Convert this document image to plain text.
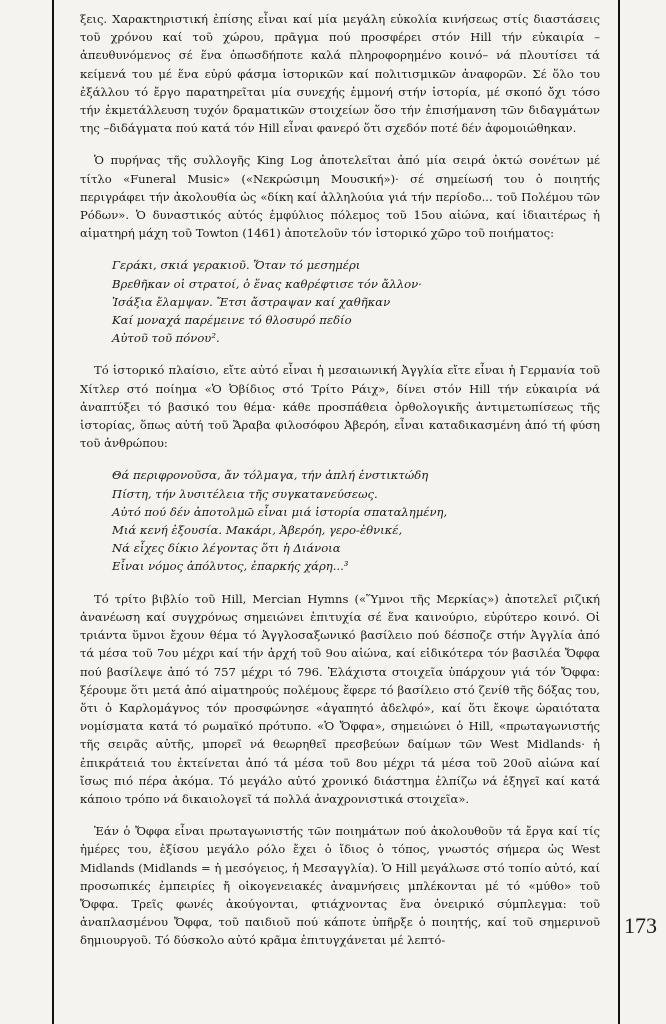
ξεις. Χαρακτηριστική ἐπίσης εἶναι καί μία μεγάλη εὐκολία κινήσεως στίς διαστάσεις τοῦ χρόνου καί τοῦ χώρου, πρᾶγμα πού προσφέρει στόν Hill τήν εὐκαιρία –ἀπευθυνόμενος σέ ἕνα ὁπωσδήποτε καλά πληροφορημένο κοινό– νά πλουτίσει τά κείμενά του μέ ἕνα εὐρύ φάσμα ἱστορικῶν καί πολιτισμικῶν ἀναφορῶν. Σέ ὅλο του ἐξάλλου τό ἔργο παρατηρεῖται μία συνεχής ἐμμονή στήν ἱστορία, μέ σκοπό ὄχι τόσο τήν ἐκμετάλλευση τυχόν δραματικῶν στοιχείων ὅσο τήν ἐπισήμανση τῶν διδαγμάτων της –διδάγματα πού κατά τόν Hill εἶναι φανερό ὅτι σχεδόν ποτέ δέν ἀφομοιώθηκαν.

Ὁ πυρήνας τῆς συλλογῆς King Log ἀποτελεῖται ἀπό μία σειρά ὀκτώ σονέτων μέ τίτλο «Funeral Music» («Νεκρώσιμη Μουσική»)· σέ σημείωσή του ὁ ποιητής περιγράφει τήν ἀκολουθία ὡς «δίκη καί ἀλληλούια γιά τήν περίοδο... τοῦ Πολέμου τῶν Ρόδων». Ὁ δυναστικός αὐτός ἐμφύλιος πόλεμος τοῦ 15ου αἰώνα, καί ἰδιαιτέρως ἡ αἱματηρή μάχη τοῦ Towton (1461) ἀποτελοῦν τόν ἱστορικό χῶρο τοῦ ποιήματος:

Γεράκι, σκιά γερακιοῦ. Ὅταν τό μεσημέρι
Βρεθῆκαν οἱ στρατοί, ὁ ἕνας καθρέφτισε τόν ἄλλον·
Ἰσάξια ἔλαμψαν. Ἔτσι ἄστραψαν καί χαθῆκαν
Καί μοναχά παρέμεινε τό θλοσυρό πεδίο
Αὐτοῦ τοῦ πόνου².

Τό ἱστορικό πλαίσιο, εἴτε αὐτό εἶναι ἡ μεσαιωνική Ἀγγλία εἴτε εἶναι ἡ Γερμανία τοῦ Χίτλερ στό ποίημα «Ὁ Ὀβίδιος στό Τρίτο Ράιχ», δίνει στόν Hill τήν εὐκαιρία νά ἀναπτύξει τό βασικό του θέμα· κάθε προσπάθεια ὀρθολογικῆς ἀντιμετωπίσεως τῆς ἱστορίας, ὅπως αὐτή τοῦ Ἄραβα φιλοσόφου Ἀβερόη, εἶναι καταδικασμένη ἀπό τή φύση τοῦ ἀνθρώπου:

Θά περιφρονοῦσα, ἄν τόλμαγα, τήν ἁπλή ἐνστικτώδη
Πίστη, τήν λυσιτέλεια τῆς συγκατανεύσεως.
Αὐτό πού δέν ἀποτολμῶ εἶναι μιά ἱστορία σπαταλημένη,
Μιά κενή ἐξουσία. Μακάρι, Ἀβερόη, γερο-ἐθνικέ,
Νά εἶχες δίκιο λέγοντας ὅτι ἡ Διάνοια
Εἶναι νόμος ἀπόλυτος, ἐπαρκής χάρη...³

Τό τρίτο βιβλίο τοῦ Hill, Mercian Hymns («Ὕμνοι τῆς Μερκίας») ἀποτελεῖ ριζική ἀνανέωση καί συγχρόνως σημειώνει ἐπιτυχία σέ ἕνα καινούριο, εὐρύτερο κοινό. Οἱ τριάντα ὕμνοι ἔχουν θέμα τό Ἀγγλοσαξωνικό βασίλειο πού δέσποζε στήν Ἀγγλία ἀπό τά μέσα τοῦ 7ου μέχρι καί τήν ἀρχή τοῦ 9ου αἰώνα, καί εἰδικότερα τόν βασιλέα Ὄφφα πού βασίλεψε ἀπό τό 757 μέχρι τό 796. Ἐλάχιστα στοιχεῖα ὑπάρχουν γιά τόν Ὄφφα: ξέρουμε ὅτι μετά ἀπό αἱματηρούς πολέμους ἔφερε τό βασίλειο στό ζενίθ τῆς δόξας του, ὅτι ὁ Καρλομάγνος τόν προσφώνησε «ἀγαπητό ἀδελφό», καί ὅτι ἔκοψε ὡραιότατα νομίσματα κατά τό ρωμαϊκό πρότυπο. «Ὁ Ὄφφα», σημειώνει ὁ Hill, «πρωταγωνιστής τῆς σειρᾶς αὐτῆς, μπορεῖ νά θεωρηθεῖ πρεσβεύων δαίμων τῶν West Midlands· ἡ ἐπικράτειά του ἐκτείνεται ἀπό τά μέσα τοῦ 8ου μέχρι τά μέσα τοῦ 20οῦ αἰώνα καί ἴσως πιό πέρα ἀκόμα. Τό μεγάλο αὐτό χρονικό διάστημα ἐλπίζω νά ἐξηγεῖ καί κατά κάποιο τρόπο νά δικαιολογεῖ τά πολλά ἀναχρονιστικά στοιχεῖα».

Ἐάν ὁ Ὄφφα εἶναι πρωταγωνιστής τῶν ποιημάτων πού ἀκολουθοῦν τά ἔργα καί τίς ἡμέρες του, ἐξίσου μεγάλο ρόλο ἔχει ὁ ἴδιος ὁ τόπος, γνωστός σήμερα ὡς West Midlands (Midlands = ἡ μεσόγειος, ἡ Μεσαγγλία). Ὁ Hill μεγάλωσε στό τοπίο αὐτό, καί προσωπικές ἐμπειρίες ἤ οἰκογενειακές ἀναμνήσεις μπλέκονται μέ τό «μύθο» τοῦ Ὄφφα. Τρεῖς φωνές ἀκούγονται, φτιάχνοντας ἕνα ὀνειρικό σύμπλεγμα: τοῦ ἀναπλασμένου Ὄφφα, τοῦ παιδιοῦ πού κάποτε ὑπῆρξε ὁ ποιητής, καί τοῦ σημερινοῦ δημιουργοῦ. Τό δύσκολο αὐτό κρᾶμα ἐπιτυγχάνεται μέ λεπτό-

173
